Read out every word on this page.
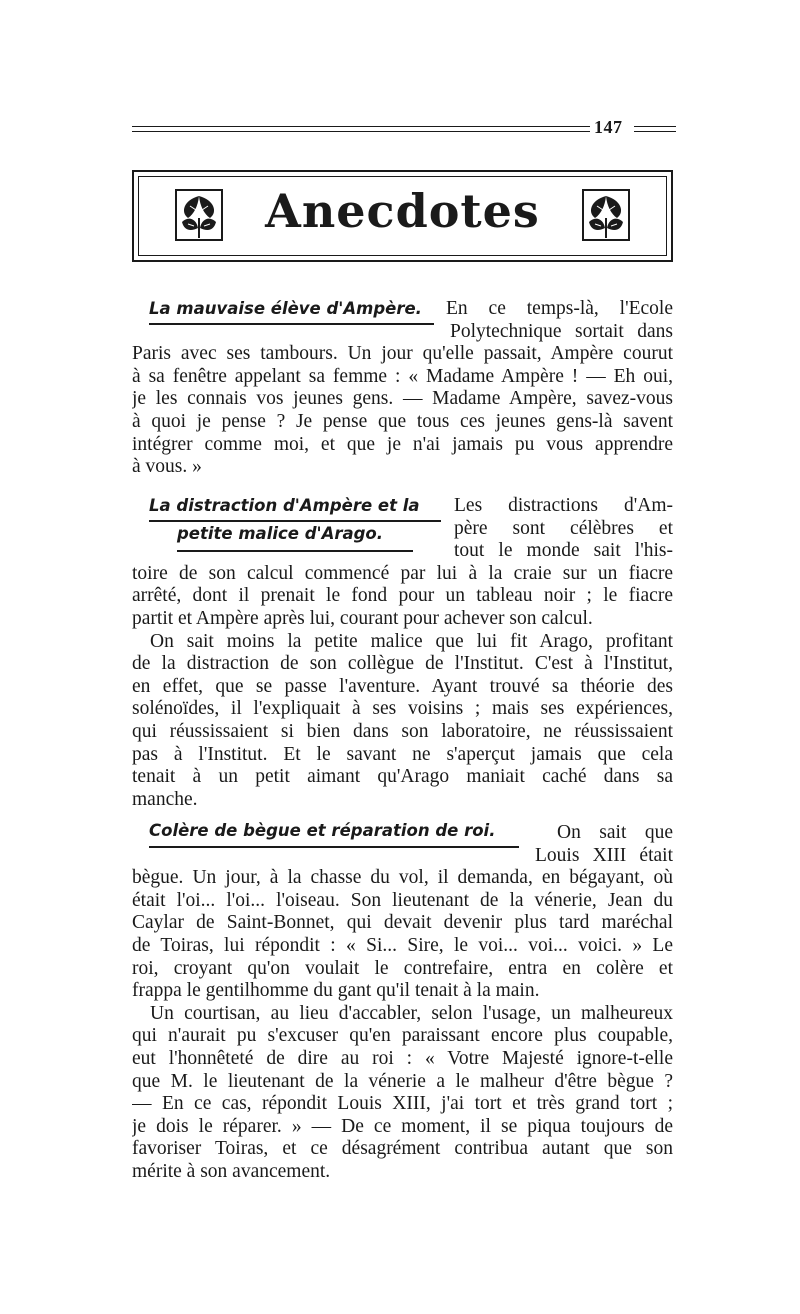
147
Anecdotes
La mauvaise élève d'Ampère. En ce temps-là, l'Ecole
Polytechnique sortait dans
Paris avec ses tambours. Un jour qu'elle passait, Ampère courut
à sa fenêtre appelant sa femme : « Madame Ampère ! — Eh oui,
je les connais vos jeunes gens. — Madame Ampère, savez-vous
à quoi je pense ? Je pense que tous ces jeunes gens-là savent
intégrer comme moi, et que je n'ai jamais pu vous apprendre
à vous. »
La distraction d'Ampère et la
petite malice d'Arago.
Les distractions d'Am-
père sont célèbres et
tout le monde sait l'his-
toire de son calcul commencé par lui à la craie sur un fiacre
arrêté, dont il prenait le fond pour un tableau noir ; le fiacre
partit et Ampère après lui, courant pour achever son calcul.
On sait moins la petite malice que lui fit Arago, profitant
de la distraction de son collègue de l'Institut. C'est à l'Institut,
en effet, que se passe l'aventure. Ayant trouvé sa théorie des
solénoïdes, il l'expliquait à ses voisins ; mais ses expériences,
qui réussissaient si bien dans son laboratoire, ne réussissaient
pas à l'Institut. Et le savant ne s'aperçut jamais que cela
tenait à un petit aimant qu'Arago maniait caché dans sa
manche.
Colère de bègue et réparation de roi.	On sait que
Louis XIII était
bègue. Un jour, à la chasse du vol, il demanda, en bégayant, où
était l'oi... l'oi... l'oiseau. Son lieutenant de la vénerie, Jean du
Caylar de Saint-Bonnet, qui devait devenir plus tard maréchal
de Toiras, lui répondit : « Si... Sire, le voi... voi... voici. » Le
roi, croyant qu'on voulait le contrefaire, entra en colère et
frappa le gentilhomme du gant qu'il tenait à la main.
Un courtisan, au lieu d'accabler, selon l'usage, un malheureux
qui n'aurait pu s'excuser qu'en paraissant encore plus coupable,
eut l'honnêteté de dire au roi : « Votre Majesté ignore-t-elle
que M. le lieutenant de la vénerie a le malheur d'être bègue ?
— En ce cas, répondit Louis XIII, j'ai tort et très grand tort ;
je dois le réparer. » — De ce moment, il se piqua toujours de
favoriser Toiras, et ce désagrément contribua autant que son
mérite à son avancement.
